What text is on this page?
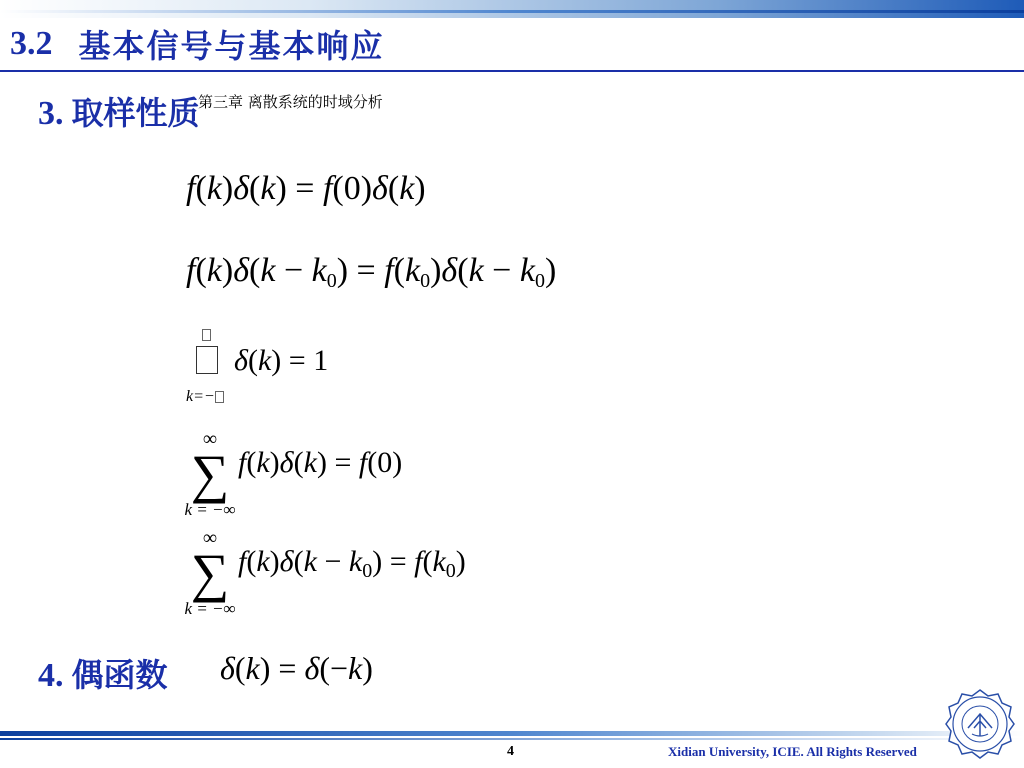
3.2 基本信号与基本响应
3. 取样性质
第三章 离散系统的时域分析
f(k)δ(k) = f(0)δ(k)
$f(k)\delta(k - k_0) = f(k_0)\delta(k - k_0)$
δ(k) = 1
k=−
∞
∑
k = −∞
f(k)δ(k) = f(0)
∞
∑
k = −∞
$f(k)\delta(k - k_0) = f(k_0)$
4. 偶函数 δ(k) = δ(−k)
4	Xidian University, ICIE. All Rights Reserved
